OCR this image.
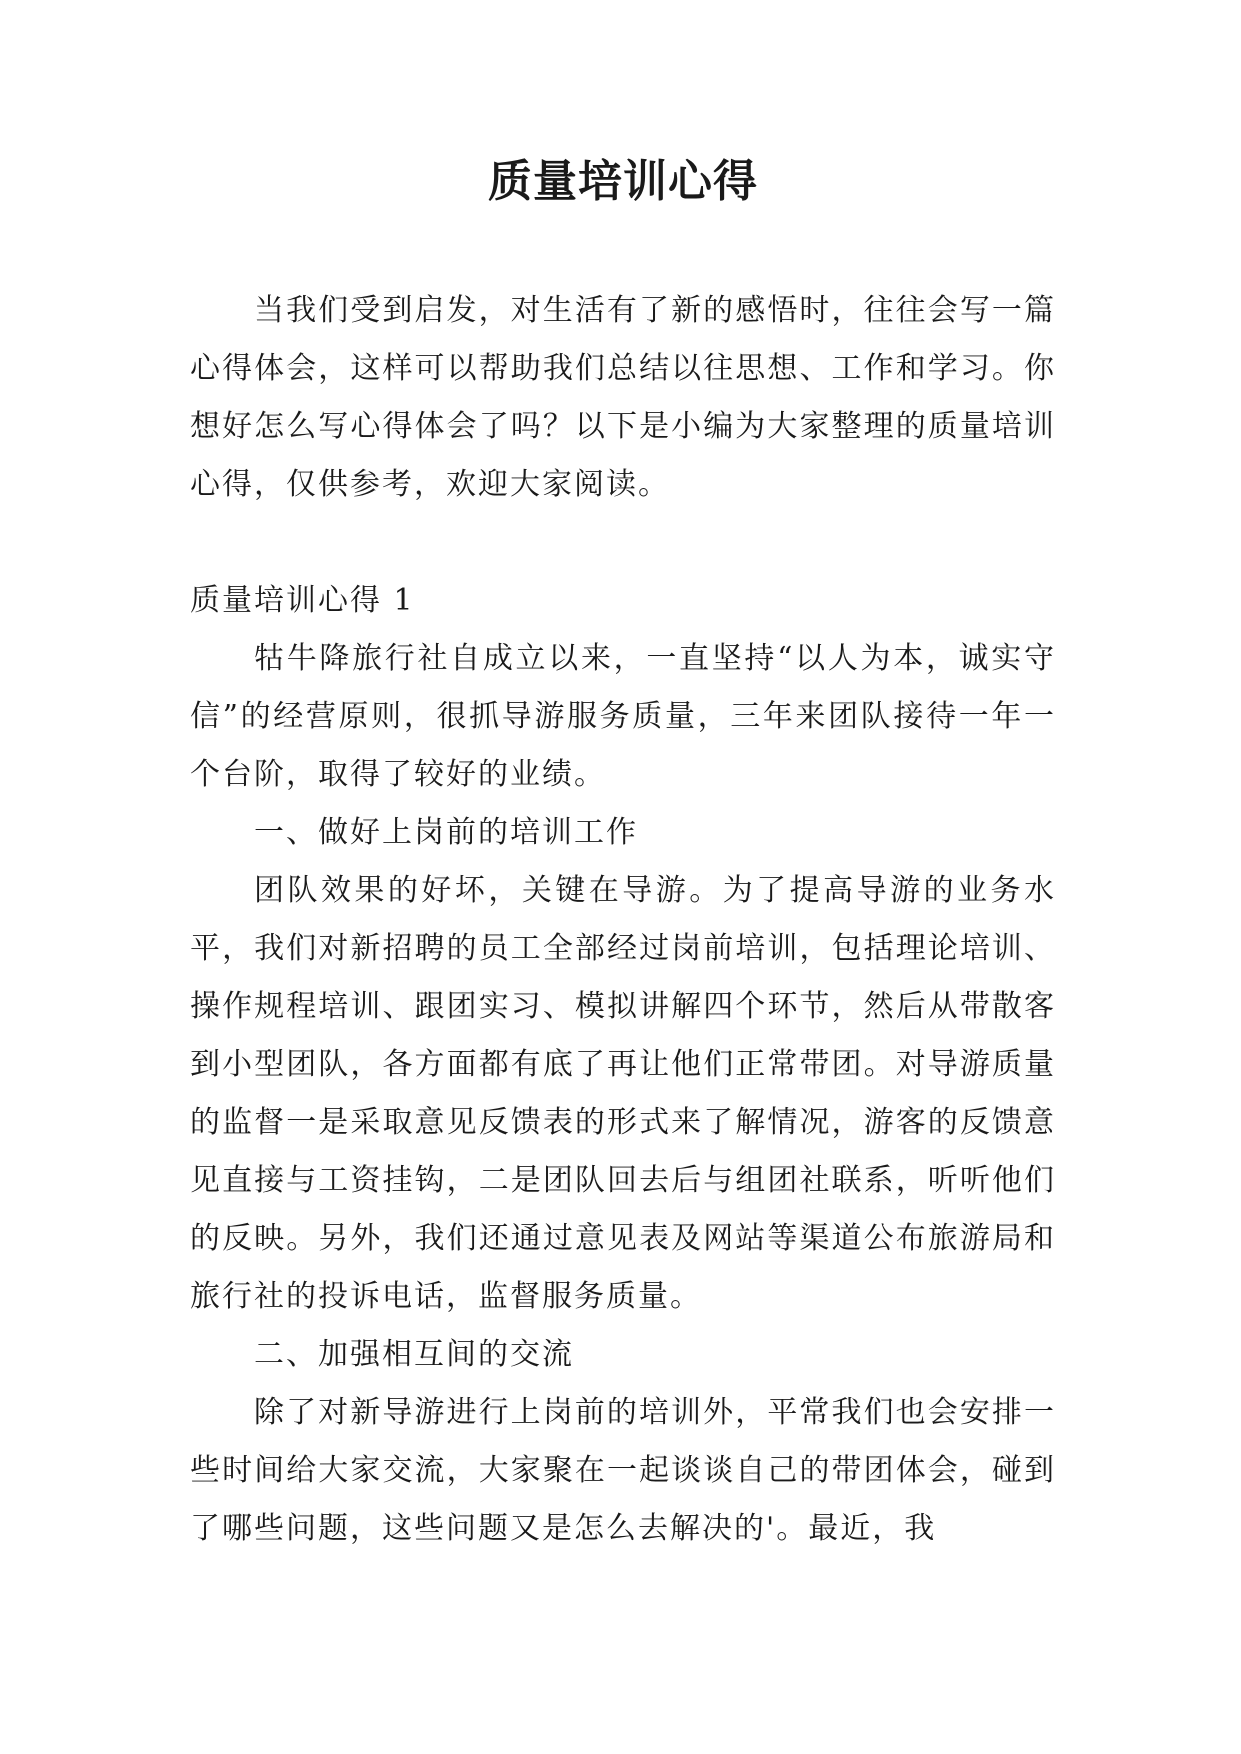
质量培训心得

当我们受到启发，对生活有了新的感悟时，往往会写一篇心得体会，这样可以帮助我们总结以往思想、工作和学习。你想好怎么写心得体会了吗？以下是小编为大家整理的质量培训心得，仅供参考，欢迎大家阅读。

质量培训心得 1

牯牛降旅行社自成立以来，一直坚持“以人为本，诚实守信”的经营原则，很抓导游服务质量，三年来团队接待一年一个台阶，取得了较好的业绩。

一、做好上岗前的培训工作

团队效果的好坏，关键在导游。为了提高导游的业务水平，我们对新招聘的员工全部经过岗前培训，包括理论培训、操作规程培训、跟团实习、模拟讲解四个环节，然后从带散客到小型团队，各方面都有底了再让他们正常带团。对导游质量的监督一是采取意见反馈表的形式来了解情况，游客的反馈意见直接与工资挂钩，二是团队回去后与组团社联系，听听他们的反映。另外，我们还通过意见表及网站等渠道公布旅游局和旅行社的投诉电话，监督服务质量。

二、加强相互间的交流

除了对新导游进行上岗前的培训外，平常我们也会安排一些时间给大家交流，大家聚在一起谈谈自己的带团体会，碰到了哪些问题，这些问题又是怎么去解决的'。最近，我
